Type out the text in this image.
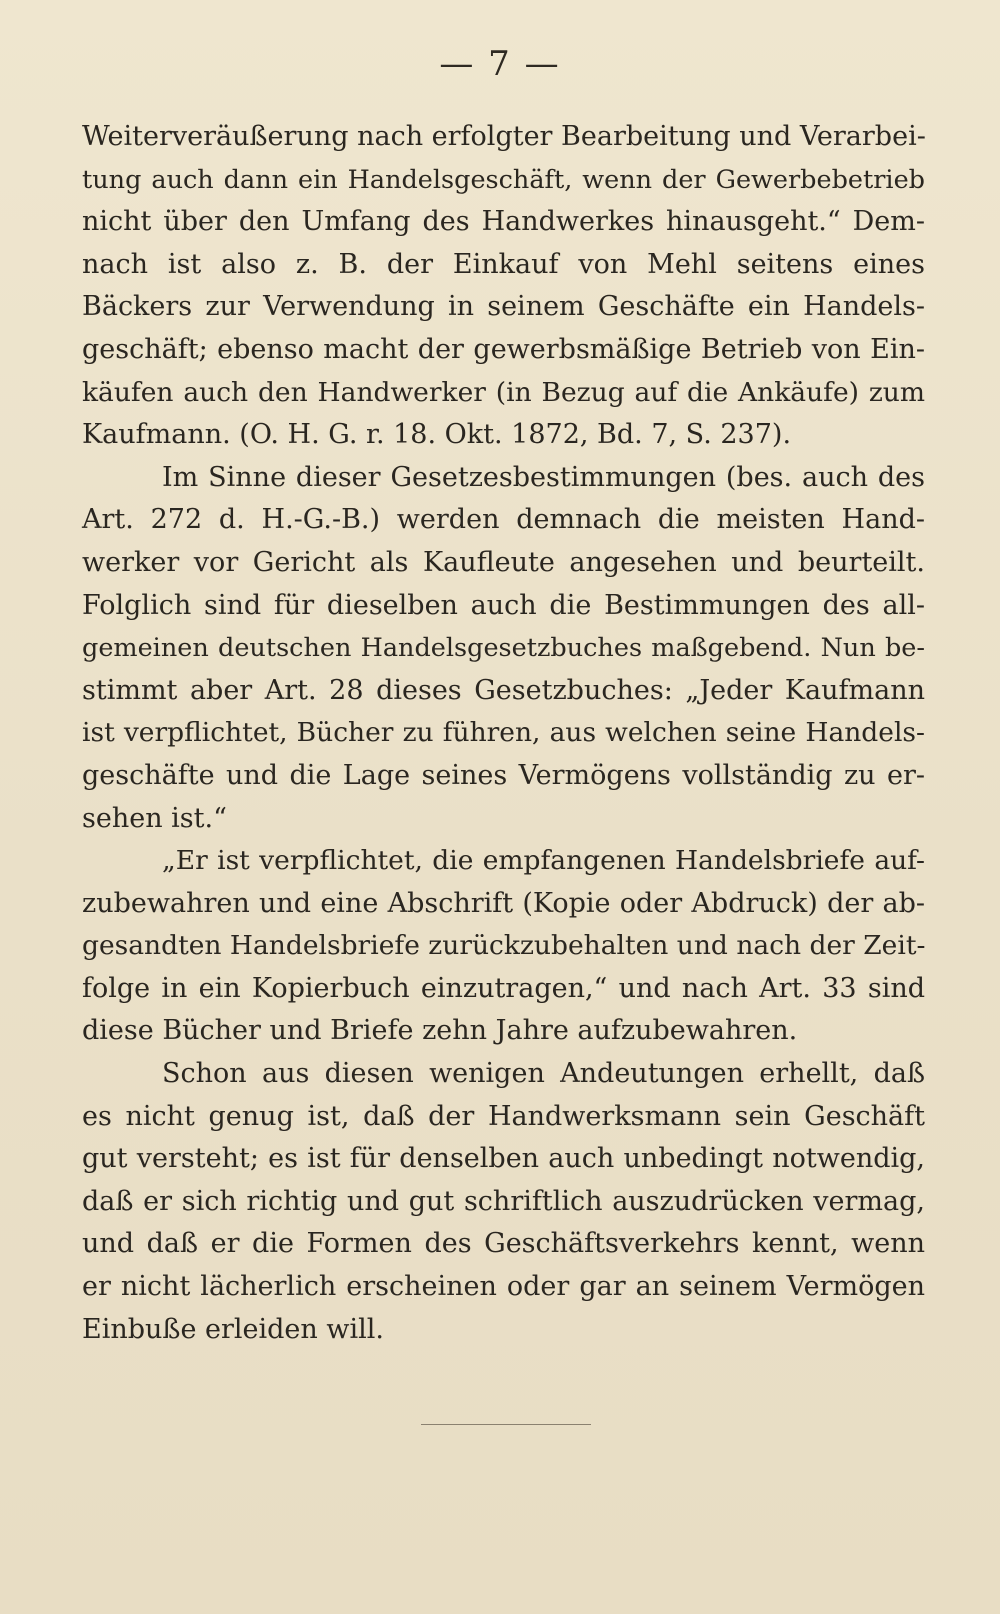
— 7 —
Weiterveräußerung nach erfolgter Bearbeitung und Verarbei-
tung auch dann ein Handelsgeschäft, wenn der Gewerbebetrieb
nicht über den Umfang des Handwerkes hinausgeht.“ Dem-
nach ist also z. B. der Einkauf von Mehl seitens eines
Bäckers zur Verwendung in seinem Geschäfte ein Handels-
geschäft; ebenso macht der gewerbsmäßige Betrieb von Ein-
käufen auch den Handwerker (in Bezug auf die Ankäufe) zum
Kaufmann. (O. H. G. r. 18. Okt. 1872, Bd. 7, S. 237).
Im Sinne dieser Gesetzesbestimmungen (bes. auch des
Art. 272 d. H.-G.-B.) werden demnach die meisten Hand-
werker vor Gericht als Kaufleute angesehen und beurteilt.
Folglich sind für dieselben auch die Bestimmungen des all-
gemeinen deutschen Handelsgesetzbuches maßgebend. Nun be-
stimmt aber Art. 28 dieses Gesetzbuches: „Jeder Kaufmann
ist verpflichtet, Bücher zu führen, aus welchen seine Handels-
geschäfte und die Lage seines Vermögens vollständig zu er-
sehen ist.“
„Er ist verpflichtet, die empfangenen Handelsbriefe auf-
zubewahren und eine Abschrift (Kopie oder Abdruck) der ab-
gesandten Handelsbriefe zurückzubehalten und nach der Zeit-
folge in ein Kopierbuch einzutragen,“ und nach Art. 33 sind
diese Bücher und Briefe zehn Jahre aufzubewahren.
Schon aus diesen wenigen Andeutungen erhellt, daß
es nicht genug ist, daß der Handwerksmann sein Geschäft
gut versteht; es ist für denselben auch unbedingt notwendig,
daß er sich richtig und gut schriftlich auszudrücken vermag,
und daß er die Formen des Geschäftsverkehrs kennt, wenn
er nicht lächerlich erscheinen oder gar an seinem Vermögen
Einbuße erleiden will.
